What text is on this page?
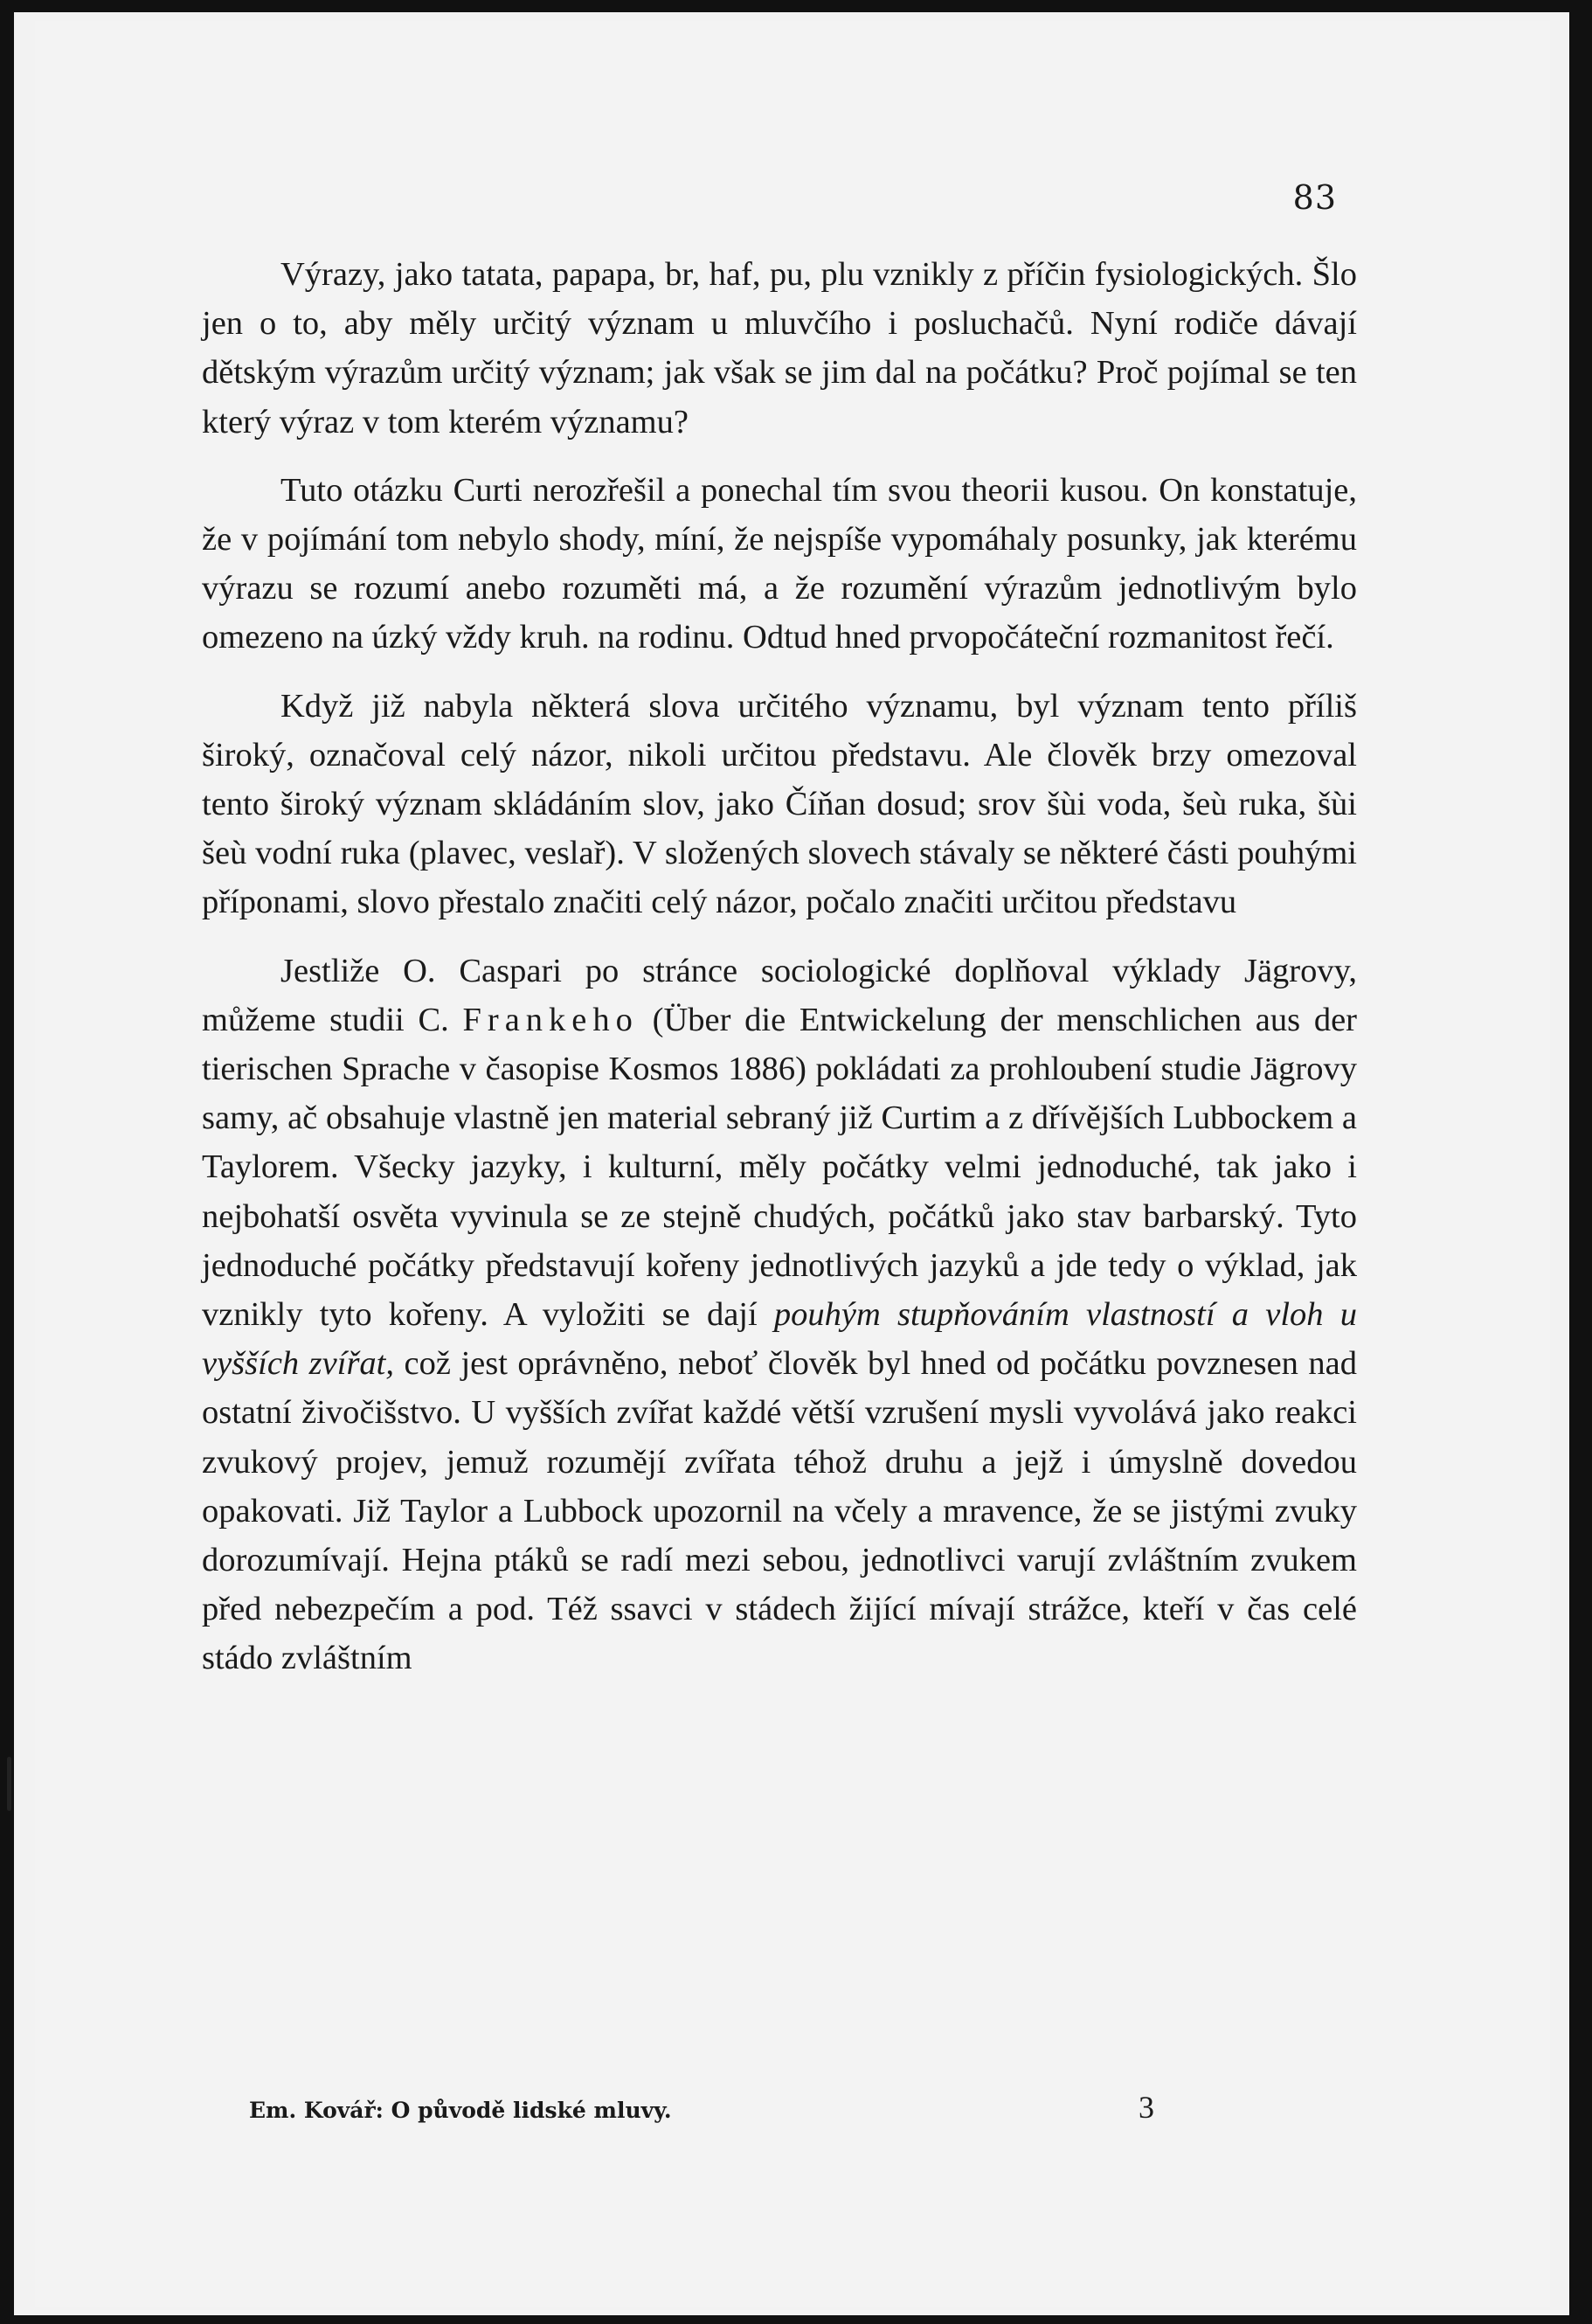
83

Výrazy, jako tatata, papapa, br, haf, pu, plu vznikly z příčin fysiologických. Šlo jen o to, aby měly určitý význam u mluvčího i posluchačů. Nyní rodiče dávají dětským výrazům určitý význam; jak však se jim dal na počátku? Proč pojímal se ten který výraz v tom kterém významu?

Tuto otázku Curti nerozřešil a ponechal tím svou theorii kusou. On konstatuje, že v pojímání tom nebylo shody, míní, že nejspíše vypomáhaly posunky, jak kterému výrazu se rozumí anebo rozuměti má, a že rozumění výrazům jednotlivým bylo omezeno na úzký vždy kruh. na rodinu. Odtud hned prvopočáteční rozmanitost řečí.

Když již nabyla některá slova určitého významu, byl význam tento příliš široký, označoval celý názor, nikoli určitou představu. Ale člověk brzy omezoval tento široký význam skládáním slov, jako Číňan dosud; srov šùi voda, šeù ruka, šùi šeù vodní ruka (plavec, veslař). V složených slovech stávaly se některé části pouhými příponami, slovo přestalo značiti celý názor, počalo značiti určitou představu

Jestliže O. Caspari po stránce sociologické doplňoval výklady Jägrovy, můžeme studii C. Frankeho (Über die Entwickelung der menschlichen aus der tierischen Sprache v časopise Kosmos 1886) pokládati za prohloubení studie Jägrovy samy, ač obsahuje vlastně jen material sebraný již Curtim a z dřívějších Lubbockem a Taylorem. Všecky jazyky, i kulturní, měly počátky velmi jednoduché, tak jako i nejbohatší osvěta vyvinula se ze stejně chudých, počátků jako stav barbarský. Tyto jednoduché počátky představují kořeny jednotlivých jazyků a jde tedy o výklad, jak vznikly tyto kořeny. A vyložiti se dají pouhým stupňováním vlastností a vloh u vyšších zvířat, což jest oprávněno, neboť člověk byl hned od počátku povznesen nad ostatní živočišstvo. U vyšších zvířat každé větší vzrušení mysli vyvolává jako reakci zvukový projev, jemuž rozumějí zvířata téhož druhu a jejž i úmyslně dovedou opakovati. Již Taylor a Lubbock upozornil na včely a mravence, že se jistými zvuky dorozumívají. Hejna ptáků se radí mezi sebou, jednotlivci varují zvláštním zvukem před nebezpečím a pod. Též ssavci v stádech žijící mívají strážce, kteří v čas celé stádo zvláštním

Em. Kovář: O původě lidské mluvy.	3
